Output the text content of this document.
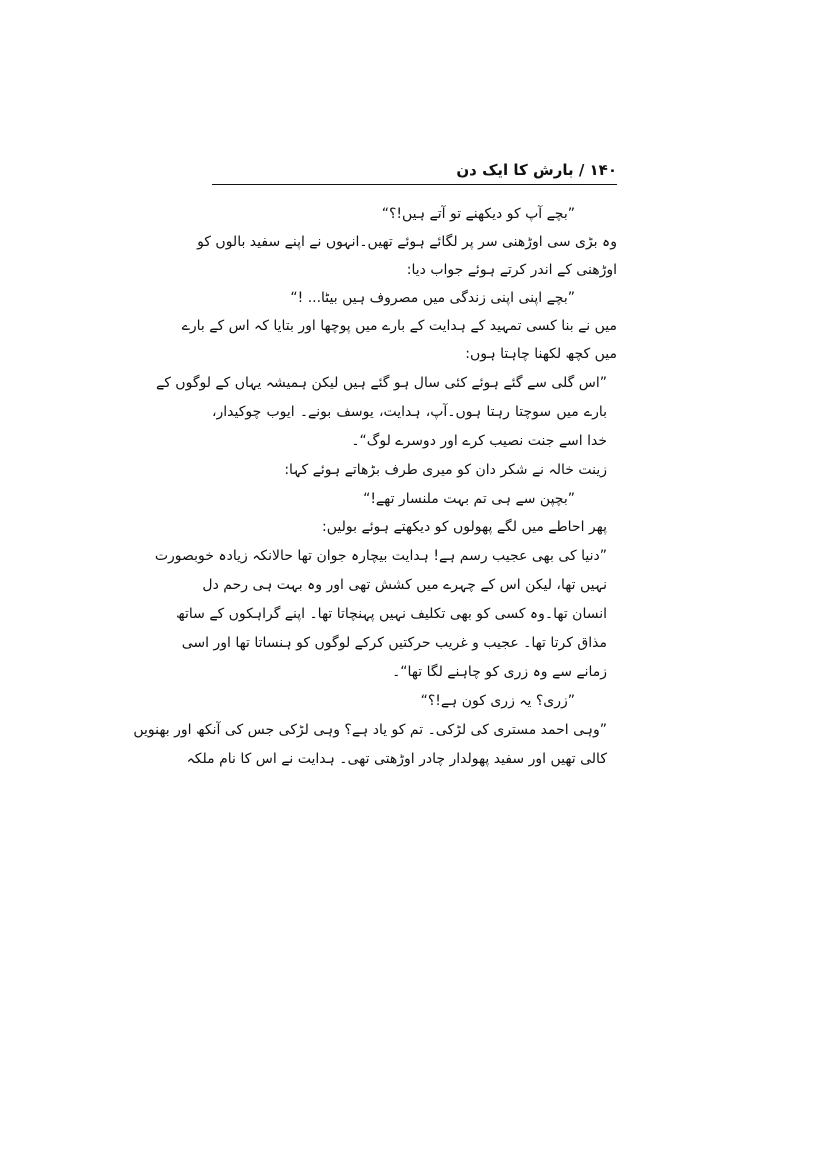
۱۴۰ / بارش کا ایک دن
”بچے آپ کو دیکھنے تو آتے ہیں!؟“
وہ بڑی سی اوڑھنی سر پر لگائے ہوئے تھیں۔انہوں نے اپنے سفید بالوں کو
اوڑھنی کے اندر کرتے ہوئے جواب دیا:
”بچے اپنی اپنی زندگی میں مصروف ہیں بیٹا... !“
میں نے بنا کسی تمہید کے ہدایت کے بارے میں پوچھا اور بتایا کہ اس کے بارے
میں کچھ لکھنا چاہتا ہوں:
”اس گلی سے گئے ہوئے کئی سال ہو گئے ہیں لیکن ہمیشہ یہاں کے لوگوں کے
بارے میں سوچتا رہتا ہوں۔آپ، ہدایت، یوسف بونے۔ ایوب چوکیدار،
خدا اسے جنت نصیب کرے اور دوسرے لوگ“۔
زینت خالہ نے شکر دان کو میری طرف بڑھاتے ہوئے کہا:
”بچپن سے ہی تم بہت ملنسار تھے!“
پھر احاطے میں لگے پھولوں کو دیکھتے ہوئے بولیں:
”دنیا کی بھی عجیب رسم ہے! ہدایت بیچارہ جوان تھا حالانکہ زیادہ خوبصورت
نہیں تھا، لیکن اس کے چہرے میں کشش تھی اور وہ بہت ہی رحم دل
انسان تھا۔وہ کسی کو بھی تکلیف نہیں پہنچاتا تھا۔ اپنے گراہکوں کے ساتھ
مذاق کرتا تھا۔ عجیب و غریب حرکتیں کرکے لوگوں کو ہنساتا تھا اور اسی
زمانے سے وہ زری کو چاہنے لگا تھا“۔
”زری؟ یہ زری کون ہے!؟“
”وہی احمد مستری کی لڑکی۔ تم کو یاد ہے؟ وہی لڑکی جس کی آنکھ اور بھنویں
کالی تھیں اور سفید پھولدار چادر اوڑھتی تھی۔ ہدایت نے اس کا نام ملکہ
